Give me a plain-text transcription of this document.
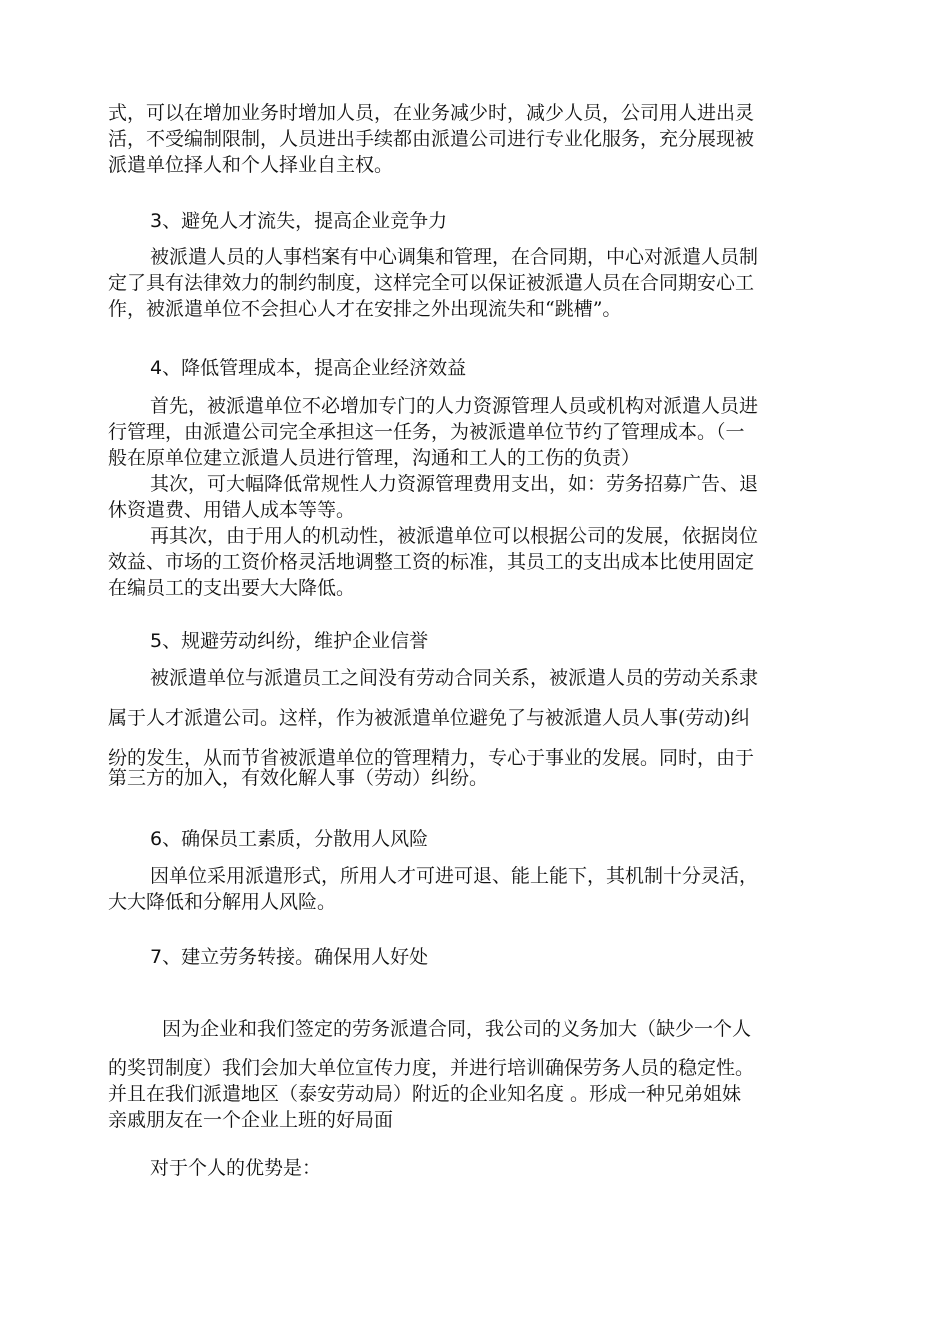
式，可以在增加业务时增加人员，在业务减少时，减少人员，公司用人进出灵
活，不受编制限制，人员进出手续都由派遣公司进行专业化服务，充分展现被
派遣单位择人和个人择业自主权。
3、避免人才流失，提高企业竞争力
被派遣人员的人事档案有中心调集和管理，在合同期，中心对派遣人员制
定了具有法律效力的制约制度，这样完全可以保证被派遣人员在合同期安心工
作，被派遣单位不会担心人才在安排之外出现流失和“跳槽”。
4、降低管理成本，提高企业经济效益
首先，被派遣单位不必增加专门的人力资源管理人员或机构对派遣人员进
行管理，由派遣公司完全承担这一任务，为被派遣单位节约了管理成本。（一
般在原单位建立派遣人员进行管理，沟通和工人的工伤的负责）
其次，可大幅降低常规性人力资源管理费用支出，如：劳务招募广告、退
休资遣费、用错人成本等等。
再其次，由于用人的机动性，被派遣单位可以根据公司的发展，依据岗位
效益、市场的工资价格灵活地调整工资的标准，其员工的支出成本比使用固定
在编员工的支出要大大降低。
5、规避劳动纠纷，维护企业信誉
被派遣单位与派遣员工之间没有劳动合同关系，被派遣人员的劳动关系隶
属于人才派遣公司。这样，作为被派遣单位避免了与被派遣人员人事(劳动)纠
纷的发生，从而节省被派遣单位的管理精力，专心于事业的发展。同时，由于
第三方的加入，有效化解人事（劳动）纠纷。
6、确保员工素质，分散用人风险
因单位采用派遣形式，所用人才可进可退、能上能下，其机制十分灵活，
大大降低和分解用人风险。
7、建立劳务转接。确保用人好处
因为企业和我们签定的劳务派遣合同，我公司的义务加大（缺少一个人
的奖罚制度）我们会加大单位宣传力度，并进行培训确保劳务人员的稳定性。
并且在我们派遣地区（泰安劳动局）附近的企业知名度 。形成一种兄弟姐妹
亲戚朋友在一个企业上班的好局面
对于个人的优势是：
